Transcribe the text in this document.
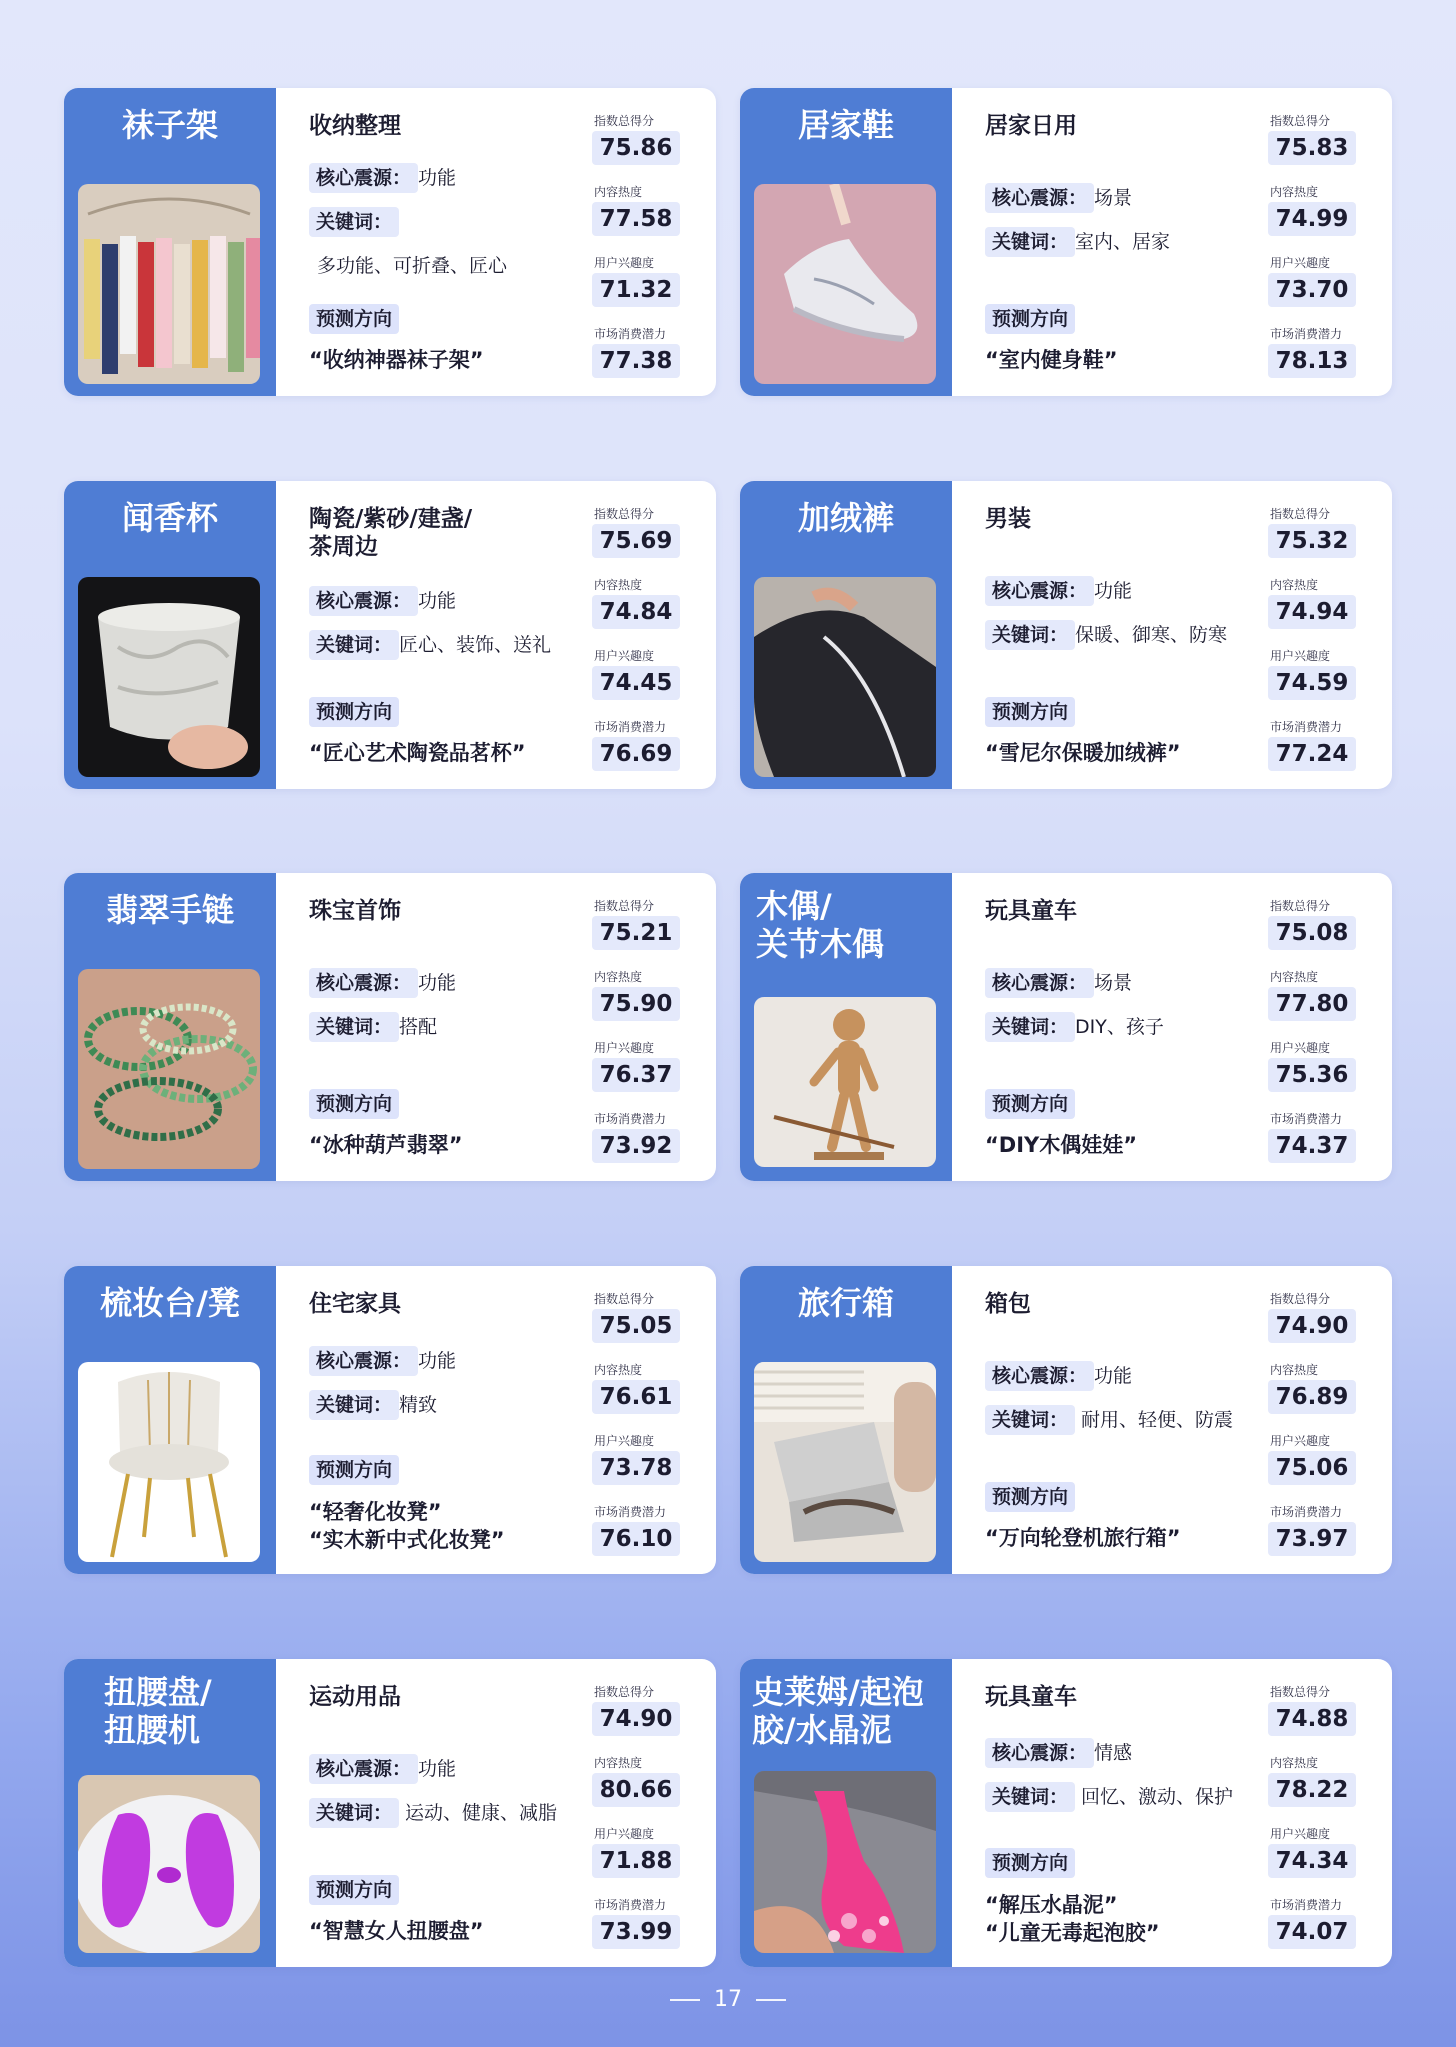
袜子架	收纳整理
核心震源： 功能
关键词：
多功能、可折叠、匠心
预测方向
“收纳神器袜子架”
指数总得分
75.86
内容热度
77.58
用户兴趣度
71.32
市场消费潜力
77.38
居家鞋	居家日用
核心震源： 场景
关键词： 室内、居家
预测方向
“室内健身鞋”
指数总得分
75.83
内容热度
74.99
用户兴趣度
73.70
市场消费潜力
78.13
闻香杯	陶瓷/紫砂/建盏/
茶周边
核心震源： 功能
关键词： 匠心、装饰、送礼
预测方向
“匠心艺术陶瓷品茗杯”
指数总得分
75.69
内容热度
74.84
用户兴趣度
74.45
市场消费潜力
76.69
加绒裤	男装
核心震源： 功能
关键词： 保暖、御寒、防寒
预测方向
“雪尼尔保暖加绒裤”
指数总得分
75.32
内容热度
74.94
用户兴趣度
74.59
市场消费潜力
77.24
翡翠手链	珠宝首饰
核心震源： 功能
关键词： 搭配
预测方向
“冰种葫芦翡翠”
指数总得分
75.21
内容热度
75.90
用户兴趣度
76.37
市场消费潜力
73.92
木偶/
关节木偶
玩具童车
核心震源： 场景
关键词： DIY、孩子
预测方向
“DIY木偶娃娃”
指数总得分
75.08
内容热度
77.80
用户兴趣度
75.36
市场消费潜力
74.37
梳妆台/凳	住宅家具
核心震源： 功能
关键词： 精致
预测方向
“轻奢化妆凳”
“实木新中式化妆凳”
指数总得分
75.05
内容热度
76.61
用户兴趣度
73.78
市场消费潜力
76.10
旅行箱	箱包
核心震源： 功能
关键词： 耐用、轻便、防震
预测方向
“万向轮登机旅行箱”
指数总得分
74.90
内容热度
76.89
用户兴趣度
75.06
市场消费潜力
73.97
扭腰盘/
扭腰机
运动用品
核心震源： 功能
关键词： 运动、健康、减脂
预测方向
“智慧女人扭腰盘”
指数总得分
74.90
内容热度
80.66
用户兴趣度
71.88
市场消费潜力
73.99
史莱姆/起泡
胶/水晶泥
玩具童车
核心震源： 情感
关键词： 回忆、激动、保护
预测方向
“解压水晶泥”
“儿童无毒起泡胶”
指数总得分
74.88
内容热度
78.22
用户兴趣度
74.34
市场消费潜力
74.07
17
